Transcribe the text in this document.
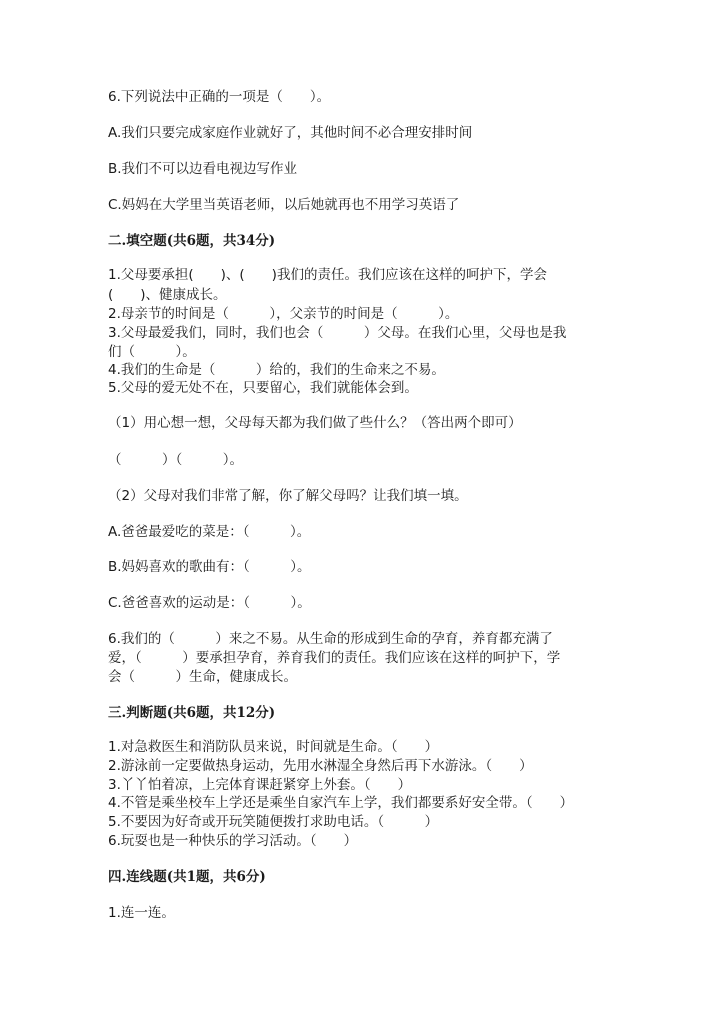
6.下列说法中正确的一项是（　　）。
A.我们只要完成家庭作业就好了，其他时间不必合理安排时间
B.我们不可以边看电视边写作业
C.妈妈在大学里当英语老师，以后她就再也不用学习英语了
二.填空题(共6题，共34分)
1.父母要承担(　　)、(　　)我们的责任。我们应该在这样的呵护下，学会
(　　)、健康成长。
2.母亲节的时间是（　　　），父亲节的时间是（　　　）。
3.父母最爱我们，同时，我们也会（　　　）父母。在我们心里，父母也是我
们（　　　）。
4.我们的生命是（　　　）给的，我们的生命来之不易。
5.父母的爱无处不在，只要留心，我们就能体会到。
（1）用心想一想，父母每天都为我们做了些什么？（答出两个即可）
（　　　）（　　　）。
（2）父母对我们非常了解，你了解父母吗？让我们填一填。
A.爸爸最爱吃的菜是：（　　　）。
B.妈妈喜欢的歌曲有：（　　　）。
C.爸爸喜欢的运动是：（　　　）。
6.我们的（　　　）来之不易。从生命的形成到生命的孕育，养育都充满了
爱，（　　　）要承担孕育，养育我们的责任。我们应该在这样的呵护下，学
会（　　　）生命，健康成长。
三.判断题(共6题，共12分)
1.对急救医生和消防队员来说，时间就是生命。（　　）
2.游泳前一定要做热身运动，先用水淋湿全身然后再下水游泳。（　　）
3.丫丫怕着凉，上完体育课赶紧穿上外套。（　　）
4.不管是乘坐校车上学还是乘坐自家汽车上学，我们都要系好安全带。（　　）
5.不要因为好奇或开玩笑随便拨打求助电话。（　　　）
6.玩耍也是一种快乐的学习活动。（　　）
四.连线题(共1题，共6分)
1.连一连。
